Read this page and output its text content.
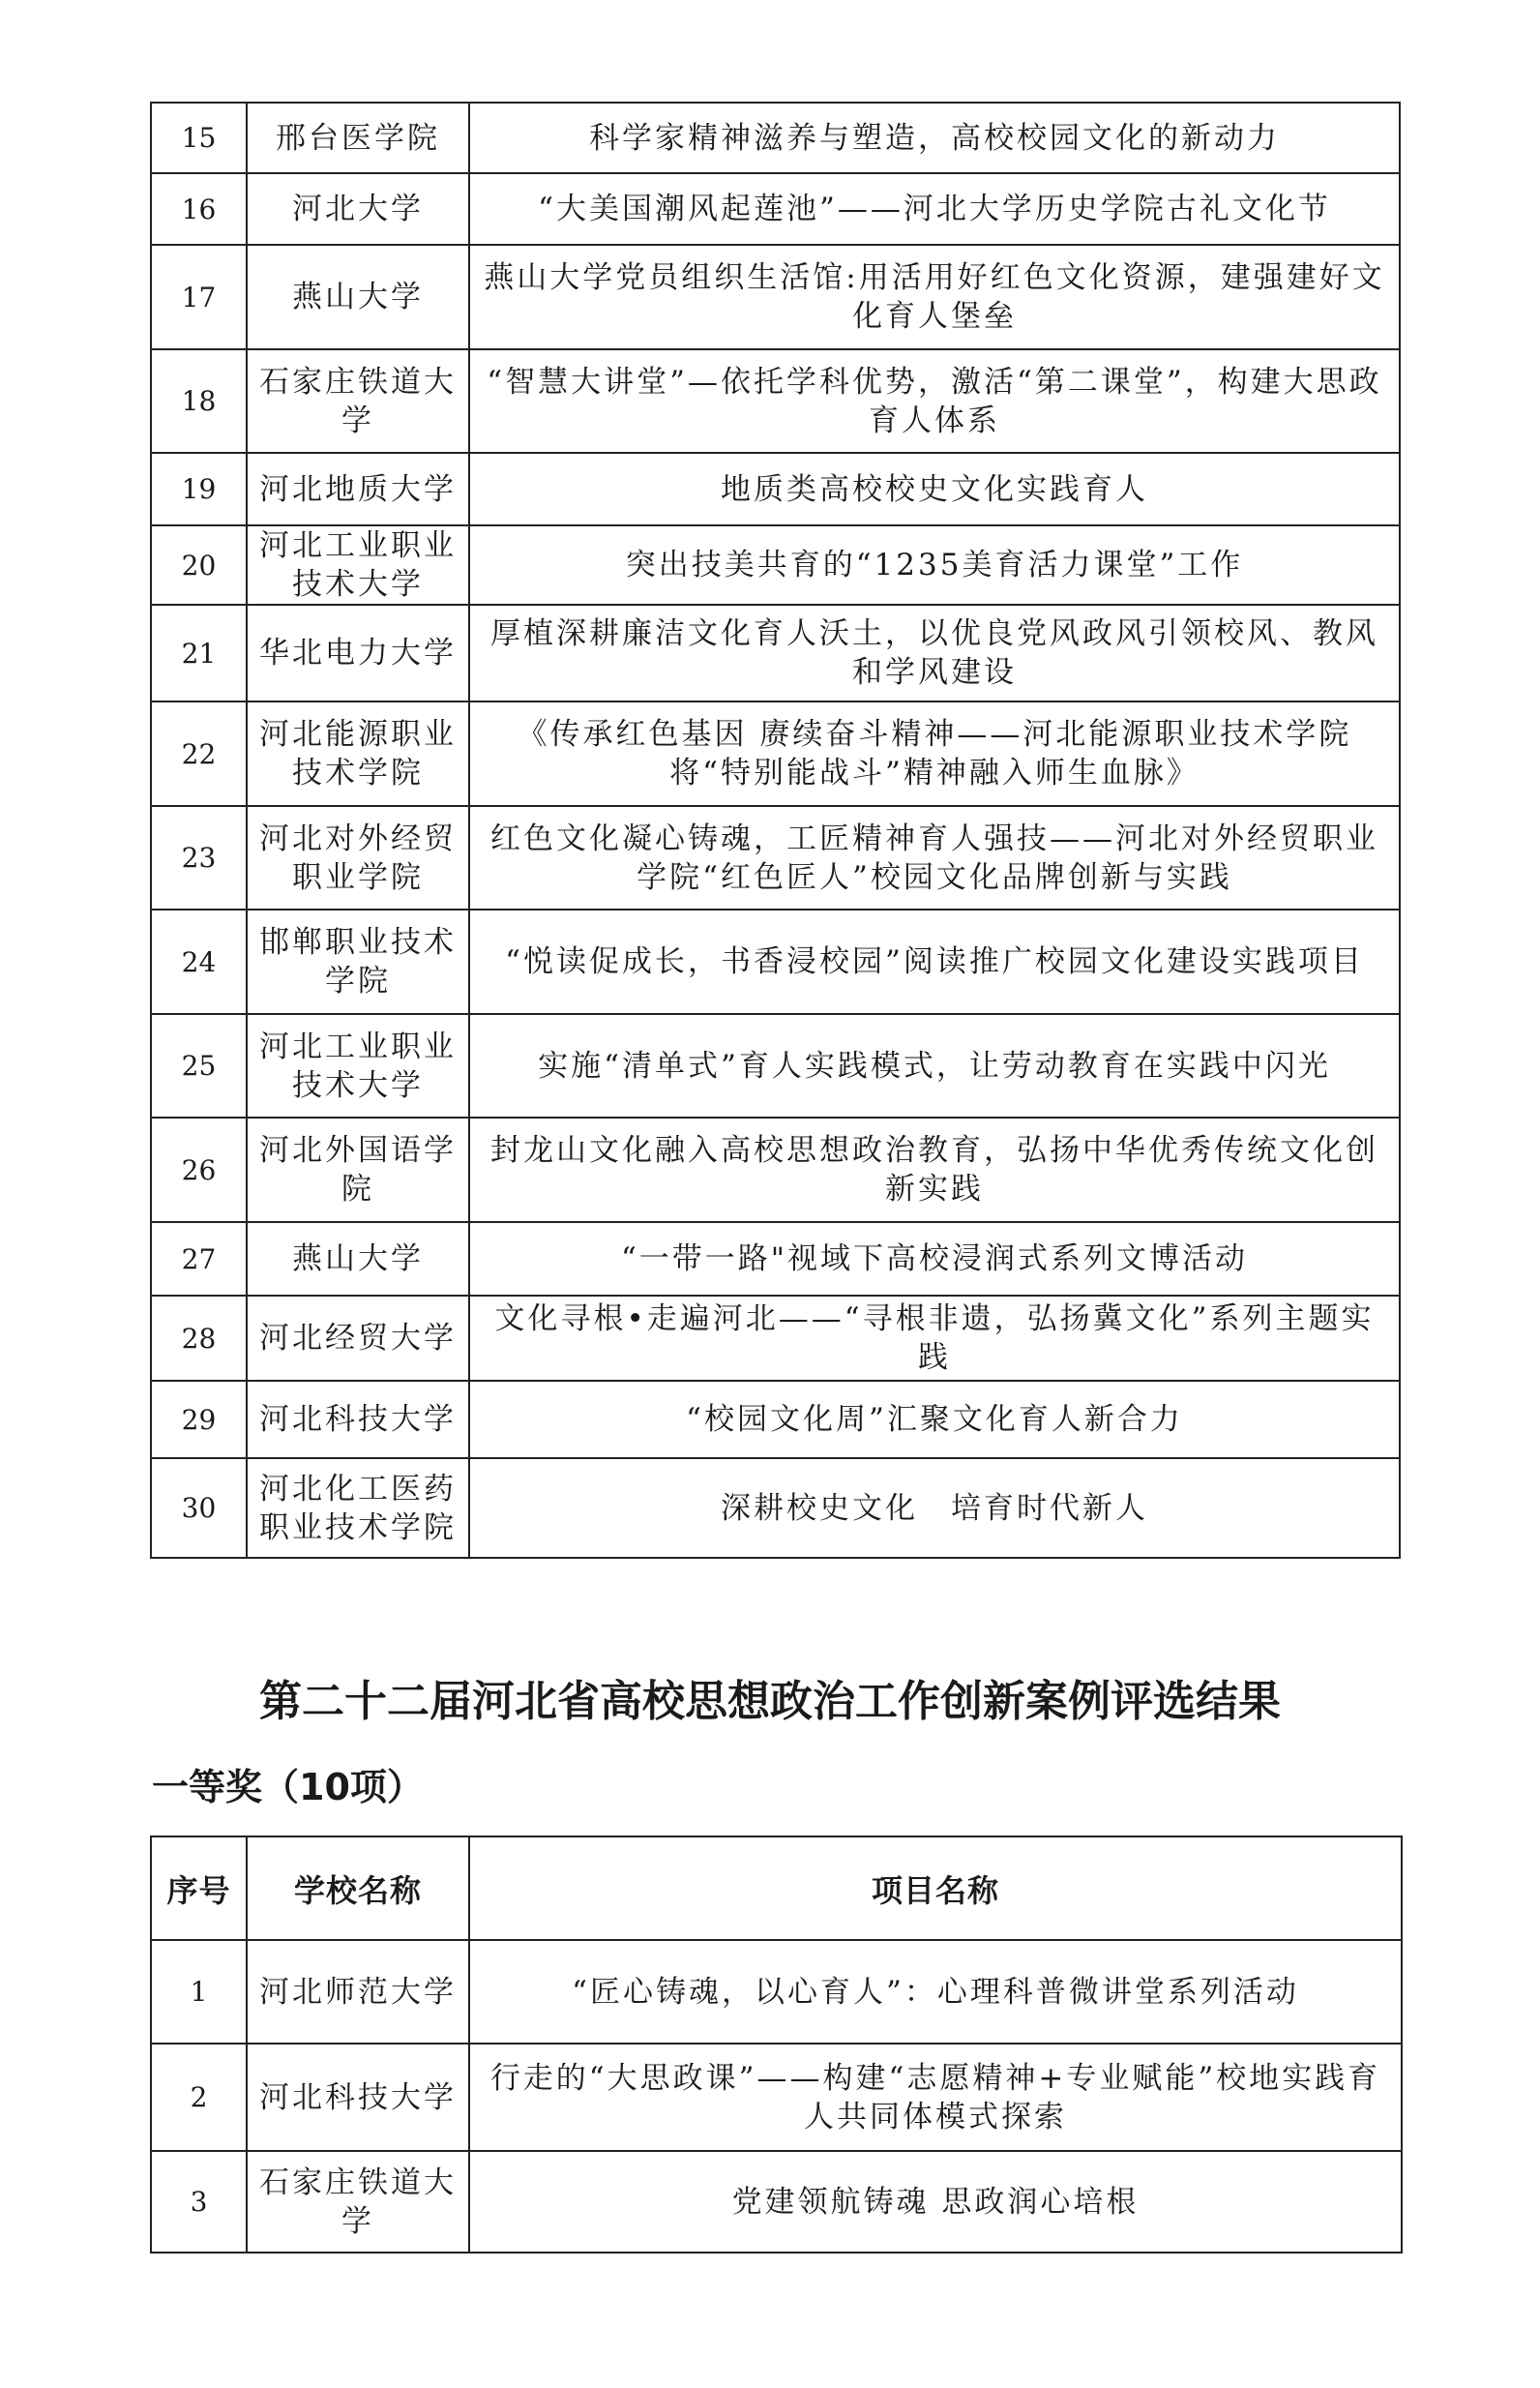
15	邢台医学院	科学家精神滋养与塑造，高校校园文化的新动力
16	河北大学	“大美国潮风起莲池”——河北大学历史学院古礼文化节
17	燕山大学	燕山大学党员组织生活馆:用活用好红色文化资源，建强建好文化育人堡垒
18	石家庄铁道大学	“智慧大讲堂”—依托学科优势，激活“第二课堂”，构建大思政育人体系
19	河北地质大学	地质类高校校史文化实践育人
20	河北工业职业技术大学	突出技美共育的“1235美育活力课堂”工作
21	华北电力大学	厚植深耕廉洁文化育人沃土，以优良党风政风引领校风、教风和学风建设
22	河北能源职业技术学院	《传承红色基因 赓续奋斗精神——河北能源职业技术学院将“特别能战斗”精神融入师生血脉》
23	河北对外经贸职业学院	红色文化凝心铸魂，工匠精神育人强技——河北对外经贸职业学院“红色匠人”校园文化品牌创新与实践
24	邯郸职业技术学院	“悦读促成长，书香浸校园”阅读推广校园文化建设实践项目
25	河北工业职业技术大学	实施“清单式”育人实践模式，让劳动教育在实践中闪光
26	河北外国语学院	封龙山文化融入高校思想政治教育，弘扬中华优秀传统文化创新实践
27	燕山大学	“一带一路"视域下高校浸润式系列文博活动
28	河北经贸大学	文化寻根•走遍河北——“寻根非遗，弘扬冀文化”系列主题实践
29	河北科技大学	“校园文化周”汇聚文化育人新合力
30	河北化工医药职业技术学院	深耕校史文化　培育时代新人
第二十二届河北省高校思想政治工作创新案例评选结果
一等奖（10项）
序号	学校名称	项目名称
1	河北师范大学	“匠心铸魂，以心育人”：心理科普微讲堂系列活动
2	河北科技大学	行走的“大思政课”——构建“志愿精神+专业赋能”校地实践育人共同体模式探索
3	石家庄铁道大学	党建领航铸魂 思政润心培根
